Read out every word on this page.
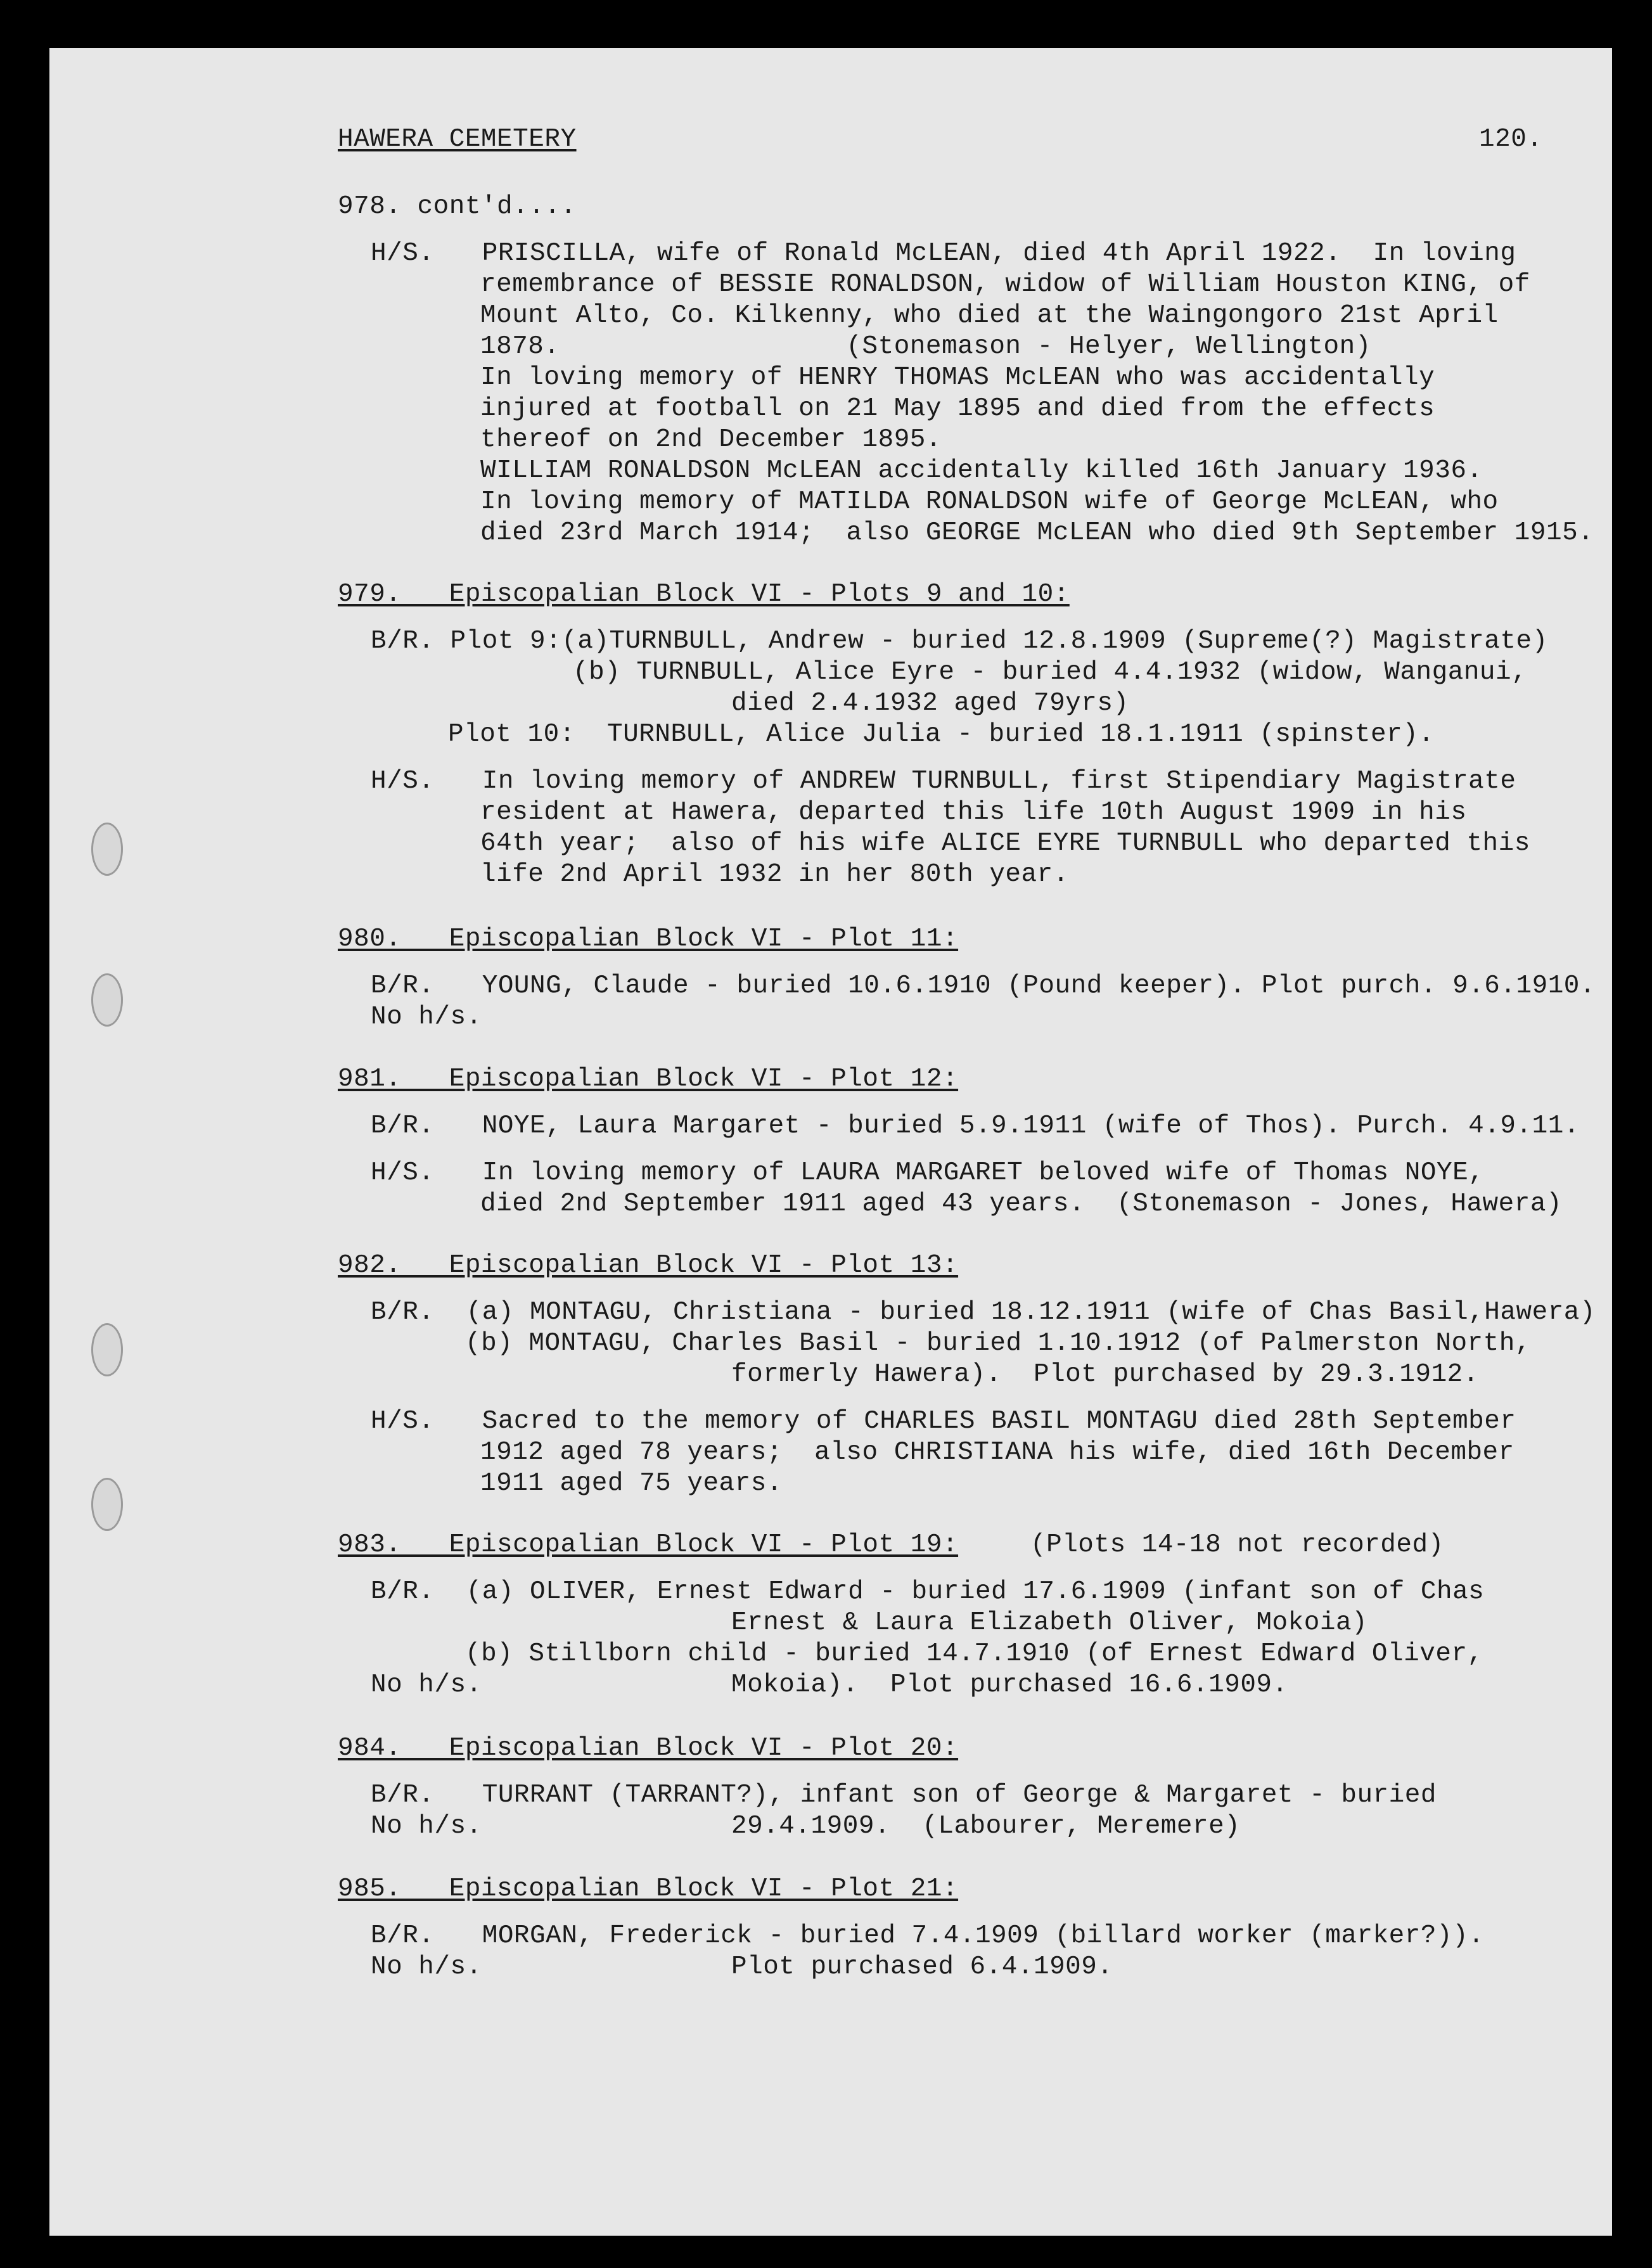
HAWERA CEMETERY	120.

978. cont'd....

H/S.   PRISCILLA, wife of Ronald McLEAN, died 4th April 1922.  In loving

remembrance of BESSIE RONALDSON, widow of William Houston KING, of

Mount Alto, Co. Kilkenny, who died at the Waingongoro 21st April

1878.                  (Stonemason - Helyer, Wellington)

In loving memory of HENRY THOMAS McLEAN who was accidentally

injured at football on 21 May 1895 and died from the effects

thereof on 2nd December 1895.

WILLIAM RONALDSON McLEAN accidentally killed 16th January 1936.

In loving memory of MATILDA RONALDSON wife of George McLEAN, who

died 23rd March 1914;  also GEORGE McLEAN who died 9th September 1915.

979.   Episcopalian Block VI - Plots 9 and 10:

B/R. Plot 9:(a)TURNBULL, Andrew - buried 12.8.1909 (Supreme(?) Magistrate)

(b) TURNBULL, Alice Eyre - buried 4.4.1932 (widow, Wanganui,

died 2.4.1932 aged 79yrs)

Plot 10:  TURNBULL, Alice Julia - buried 18.1.1911 (spinster).

H/S.   In loving memory of ANDREW TURNBULL, first Stipendiary Magistrate

resident at Hawera, departed this life 10th August 1909 in his

64th year;  also of his wife ALICE EYRE TURNBULL who departed this

life 2nd April 1932 in her 80th year.

980.   Episcopalian Block VI - Plot 11:

B/R.   YOUNG, Claude - buried 10.6.1910 (Pound keeper). Plot purch. 9.6.1910.

No h/s.

981.   Episcopalian Block VI - Plot 12:

B/R.   NOYE, Laura Margaret - buried 5.9.1911 (wife of Thos). Purch. 4.9.11.

H/S.   In loving memory of LAURA MARGARET beloved wife of Thomas NOYE,

died 2nd September 1911 aged 43 years.  (Stonemason - Jones, Hawera)

982.   Episcopalian Block VI - Plot 13:

B/R.  (a) MONTAGU, Christiana - buried 18.12.1911 (wife of Chas Basil,Hawera)

(b) MONTAGU, Charles Basil - buried 1.10.1912 (of Palmerston North,

formerly Hawera).  Plot purchased by 29.3.1912.

H/S.   Sacred to the memory of CHARLES BASIL MONTAGU died 28th September

1912 aged 78 years;  also CHRISTIANA his wife, died 16th December

1911 aged 75 years.

983.   Episcopalian Block VI - Plot 19:	(Plots 14-18 not recorded)

B/R.  (a) OLIVER, Ernest Edward - buried 17.6.1909 (infant son of Chas

Ernest & Laura Elizabeth Oliver, Mokoia)

(b) Stillborn child - buried 14.7.1910 (of Ernest Edward Oliver,

No h/s.	Mokoia).  Plot purchased 16.6.1909.

984.   Episcopalian Block VI - Plot 20:

B/R.   TURRANT (TARRANT?), infant son of George & Margaret - buried

No h/s.	29.4.1909.  (Labourer, Meremere)

985.   Episcopalian Block VI - Plot 21:

B/R.   MORGAN, Frederick - buried 7.4.1909 (billard worker (marker?)).

No h/s.	Plot purchased 6.4.1909.
